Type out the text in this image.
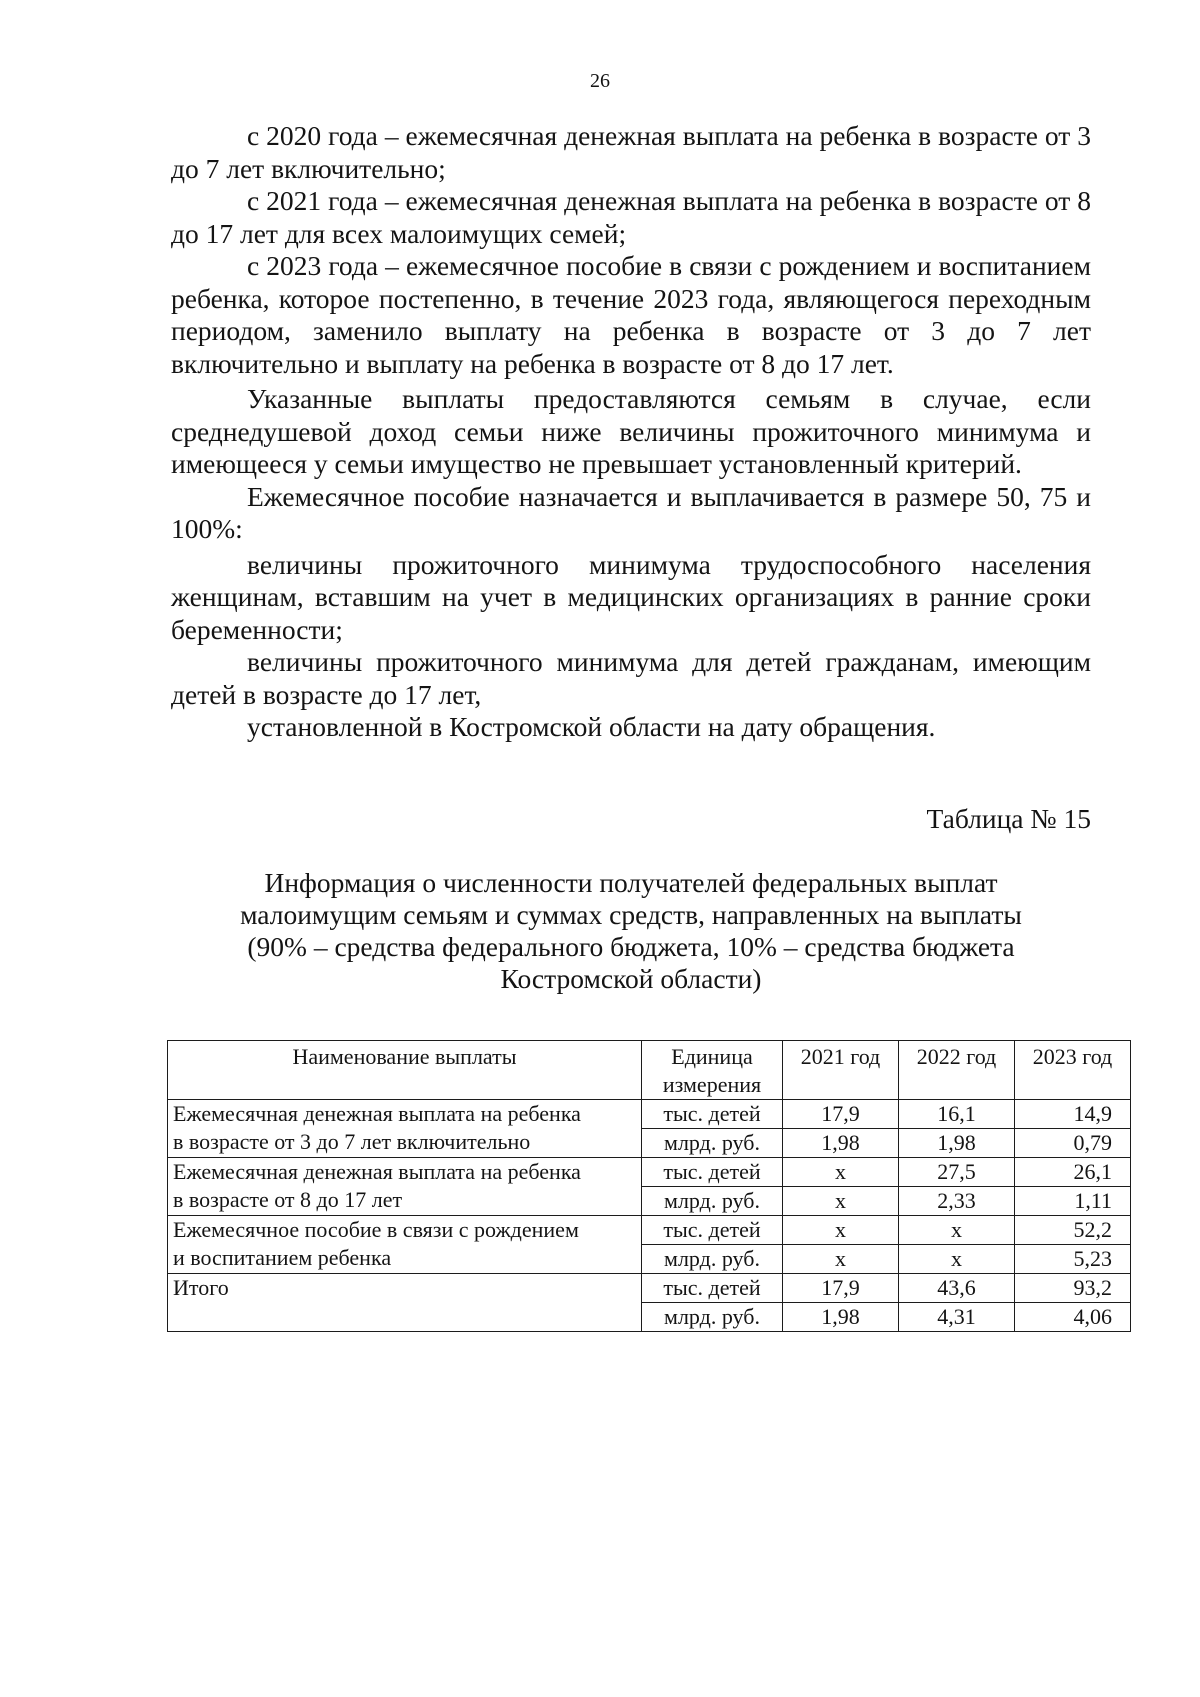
26

с 2020 года – ежемесячная денежная выплата на ребенка в возрасте от 3 до 7 лет включительно;

с 2021 года – ежемесячная денежная выплата на ребенка в возрасте от 8 до 17 лет для всех малоимущих семей;

с 2023 года – ежемесячное пособие в связи с рождением и воспитанием ребенка, которое постепенно, в течение 2023 года, являющегося переходным периодом, заменило выплату на ребенка в возрасте от 3 до 7 лет включительно и выплату на ребенка в возрасте от 8 до 17 лет.

Указанные выплаты предоставляются семьям в случае, если среднедушевой доход семьи ниже величины прожиточного минимума и имеющееся у семьи имущество не превышает установленный критерий.

Ежемесячное пособие назначается и выплачивается в размере 50, 75 и 100%:

величины прожиточного минимума трудоспособного населения женщинам, вставшим на учет в медицинских организациях в ранние сроки беременности;

величины прожиточного минимума для детей гражданам, имеющим детей в возрасте до 17 лет,

установленной в Костромской области на дату обращения.

Таблица № 15
Информация о численности получателей федеральных выплат
малоимущим семьям и суммах средств, направленных на выплаты
(90% – средства федерального бюджета, 10% – средства бюджета
Костромской области)
Наименование выплаты	Единица
измерения	2021 год	2022 год	2023 год

Ежемесячная денежная выплата на ребенка
в возрасте от 3 до 7 лет включительно	тыс. детей	17,9	16,1	14,9
	млрд. руб.	1,98	1,98	0,79

Ежемесячная денежная выплата на ребенка
в возрасте от 8 до 17 лет	тыс. детей	х	27,5	26,1
	млрд. руб.	х	2,33	1,11

Ежемесячное пособие в связи с рождением
и воспитанием ребенка	тыс. детей	х	х	52,2
	млрд. руб.	х	х	5,23

Итого	тыс. детей	17,9	43,6	93,2
	млрд. руб.	1,98	4,31	4,06
